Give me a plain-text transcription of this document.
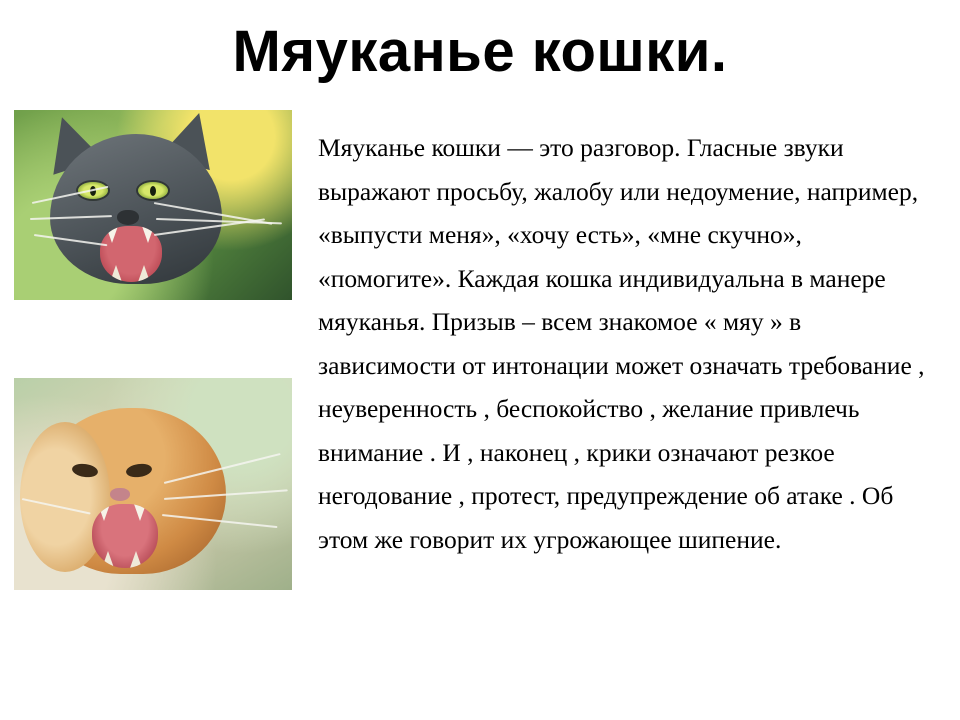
Мяуканье кошки.
Мяуканье кошки — это разговор. Гласные звуки выражают просьбу, жалобу или недоумение, например, «выпусти меня», «хочу есть», «мне скучно», «помогите». Каждая кошка индивидуальна в манере мяуканья. Призыв – всем знакомое « мяу » в зависимости от интонации может означать требование , неуверенность , беспокойство , желание привлечь внимание . И , наконец , крики означают резкое негодование , протест, предупреждение об атаке . Об этом же говорит их угрожающее шипение.
